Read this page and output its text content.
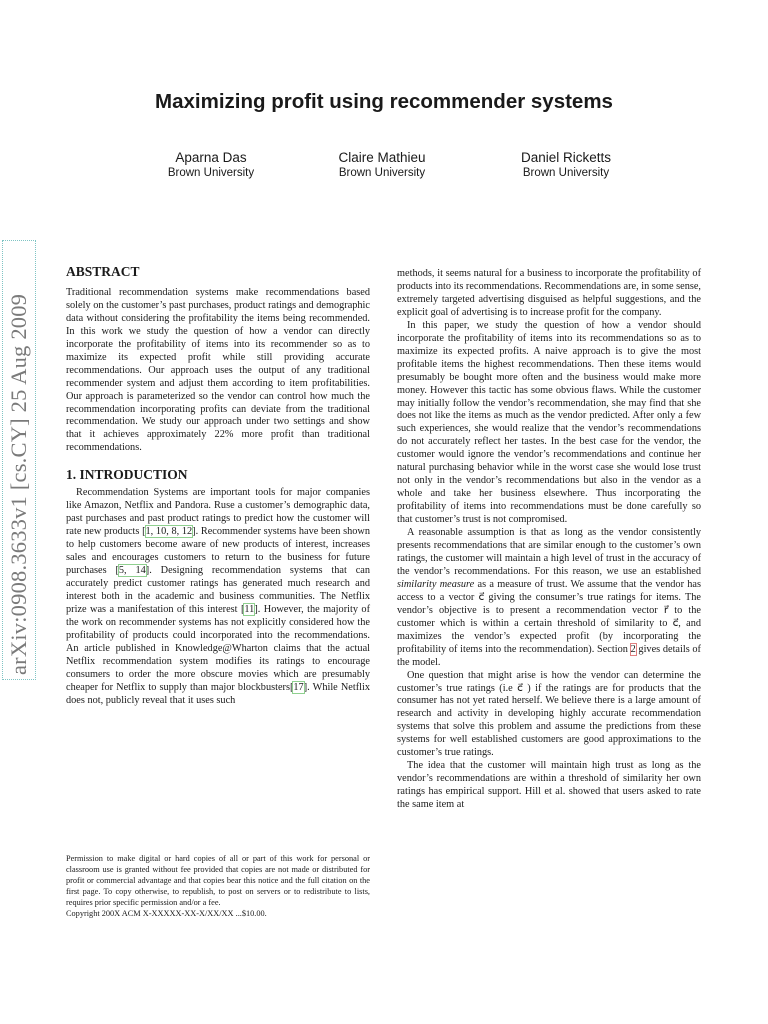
arXiv:0908.3633v1 [cs.CY] 25 Aug 2009
Maximizing profit using recommender systems
Aparna Das
Brown University
Claire Mathieu
Brown University
Daniel Ricketts
Brown University
ABSTRACT

Traditional recommendation systems make recommendations based solely on the customer’s past purchases, product ratings and demographic data without considering the profitability the items being recommended. In this work we study the question of how a vendor can directly incorporate the profitability of items into its recommender so as to maximize its expected profit while still providing accurate recommendations. Our approach uses the output of any traditional recommender system and adjust them according to item profitabilities. Our approach is parameterized so the vendor can control how much the recommendation incorporating profits can deviate from the traditional recommendation. We study our approach under two settings and show that it achieves approximately 22% more profit than traditional recommendations.

1. INTRODUCTION

Recommendation Systems are important tools for major companies like Amazon, Netflix and Pandora. Ruse a customer’s demographic data, past purchases and past product ratings to predict how the customer will rate new products [1, 10, 8, 12]. Recommender systems have been shown to help customers become aware of new products of interest, increases sales and encourages customers to return to the business for future purchases [5, 14]. Designing recommendation systems that can accurately predict customer ratings has generated much research and interest both in the academic and business communities. The Netflix prize was a manifestation of this interest [11]. However, the majority of the work on recommender systems has not explicitly considered how the profitability of products could incorporated into the recommendations. An article published in Knowledge@Wharton claims that the actual Netflix recommendation system modifies its ratings to encourage consumers to order the more obscure movies which are presumably cheaper for Netflix to supply than major blockbusters[17]. While Netflix does not, publicly reveal that it uses such

Permission to make digital or hard copies of all or part of this work for personal or classroom use is granted without fee provided that copies are not made or distributed for profit or commercial advantage and that copies bear this notice and the full citation on the first page. To copy otherwise, to republish, to post on servers or to redistribute to lists, requires prior specific permission and/or a fee.

Copyright 200X ACM X-XXXXX-XX-X/XX/XX ...$10.00.

methods, it seems natural for a business to incorporate the profitability of products into its recommendations. Recommendations are, in some sense, extremely targeted advertising disguised as helpful suggestions, and the explicit goal of advertising is to increase profit for the company.

In this paper, we study the question of how a vendor should incorporate the profitability of items into its recommendations so as to maximize its expected profits. A naive approach is to give the most profitable items the highest recommendations. Then these items would presumably be bought more often and the business would make more money. However this tactic has some obvious flaws. While the customer may initially follow the vendor’s recommendation, she may find that she does not like the items as much as the vendor predicted. After only a few such experiences, she would realize that the vendor’s recommendations do not accurately reflect her tastes. In the best case for the vendor, the customer would ignore the vendor’s recommendations and continue her natural purchasing behavior while in the worst case she would lose trust not only in the vendor’s recommendations but also in the vendor as a whole and take her business elsewhere. Thus incorporating the profitability of items into recommendations must be done carefully so that customer’s trust is not compromised.

A reasonable assumption is that as long as the vendor consistently presents recommendations that are similar enough to the customer’s own ratings, the customer will maintain a high level of trust in the accuracy of the vendor’s recommendations. For this reason, we use an established similarity measure as a measure of trust. We assume that the vendor has access to a vector c⃗ giving the consumer’s true ratings for items. The vendor’s objective is to present a recommendation vector r⃗ to the customer which is within a certain threshold of similarity to c⃗, and maximizes the vendor’s expected profit (by incorporating the profitability of items into the recommendation). Section 2 gives details of the model.

One question that might arise is how the vendor can determine the customer’s true ratings (i.e c⃗ ) if the ratings are for products that the consumer has not yet rated herself. We believe there is a large amount of research and activity in developing highly accurate recommendation systems that solve this problem and assume the predictions from these systems for well established customers are good approximations to the customer’s true ratings.

The idea that the customer will maintain high trust as long as the vendor’s recommendations are within a threshold of similarity her own ratings has empirical support. Hill et al. showed that users asked to rate the same item at
